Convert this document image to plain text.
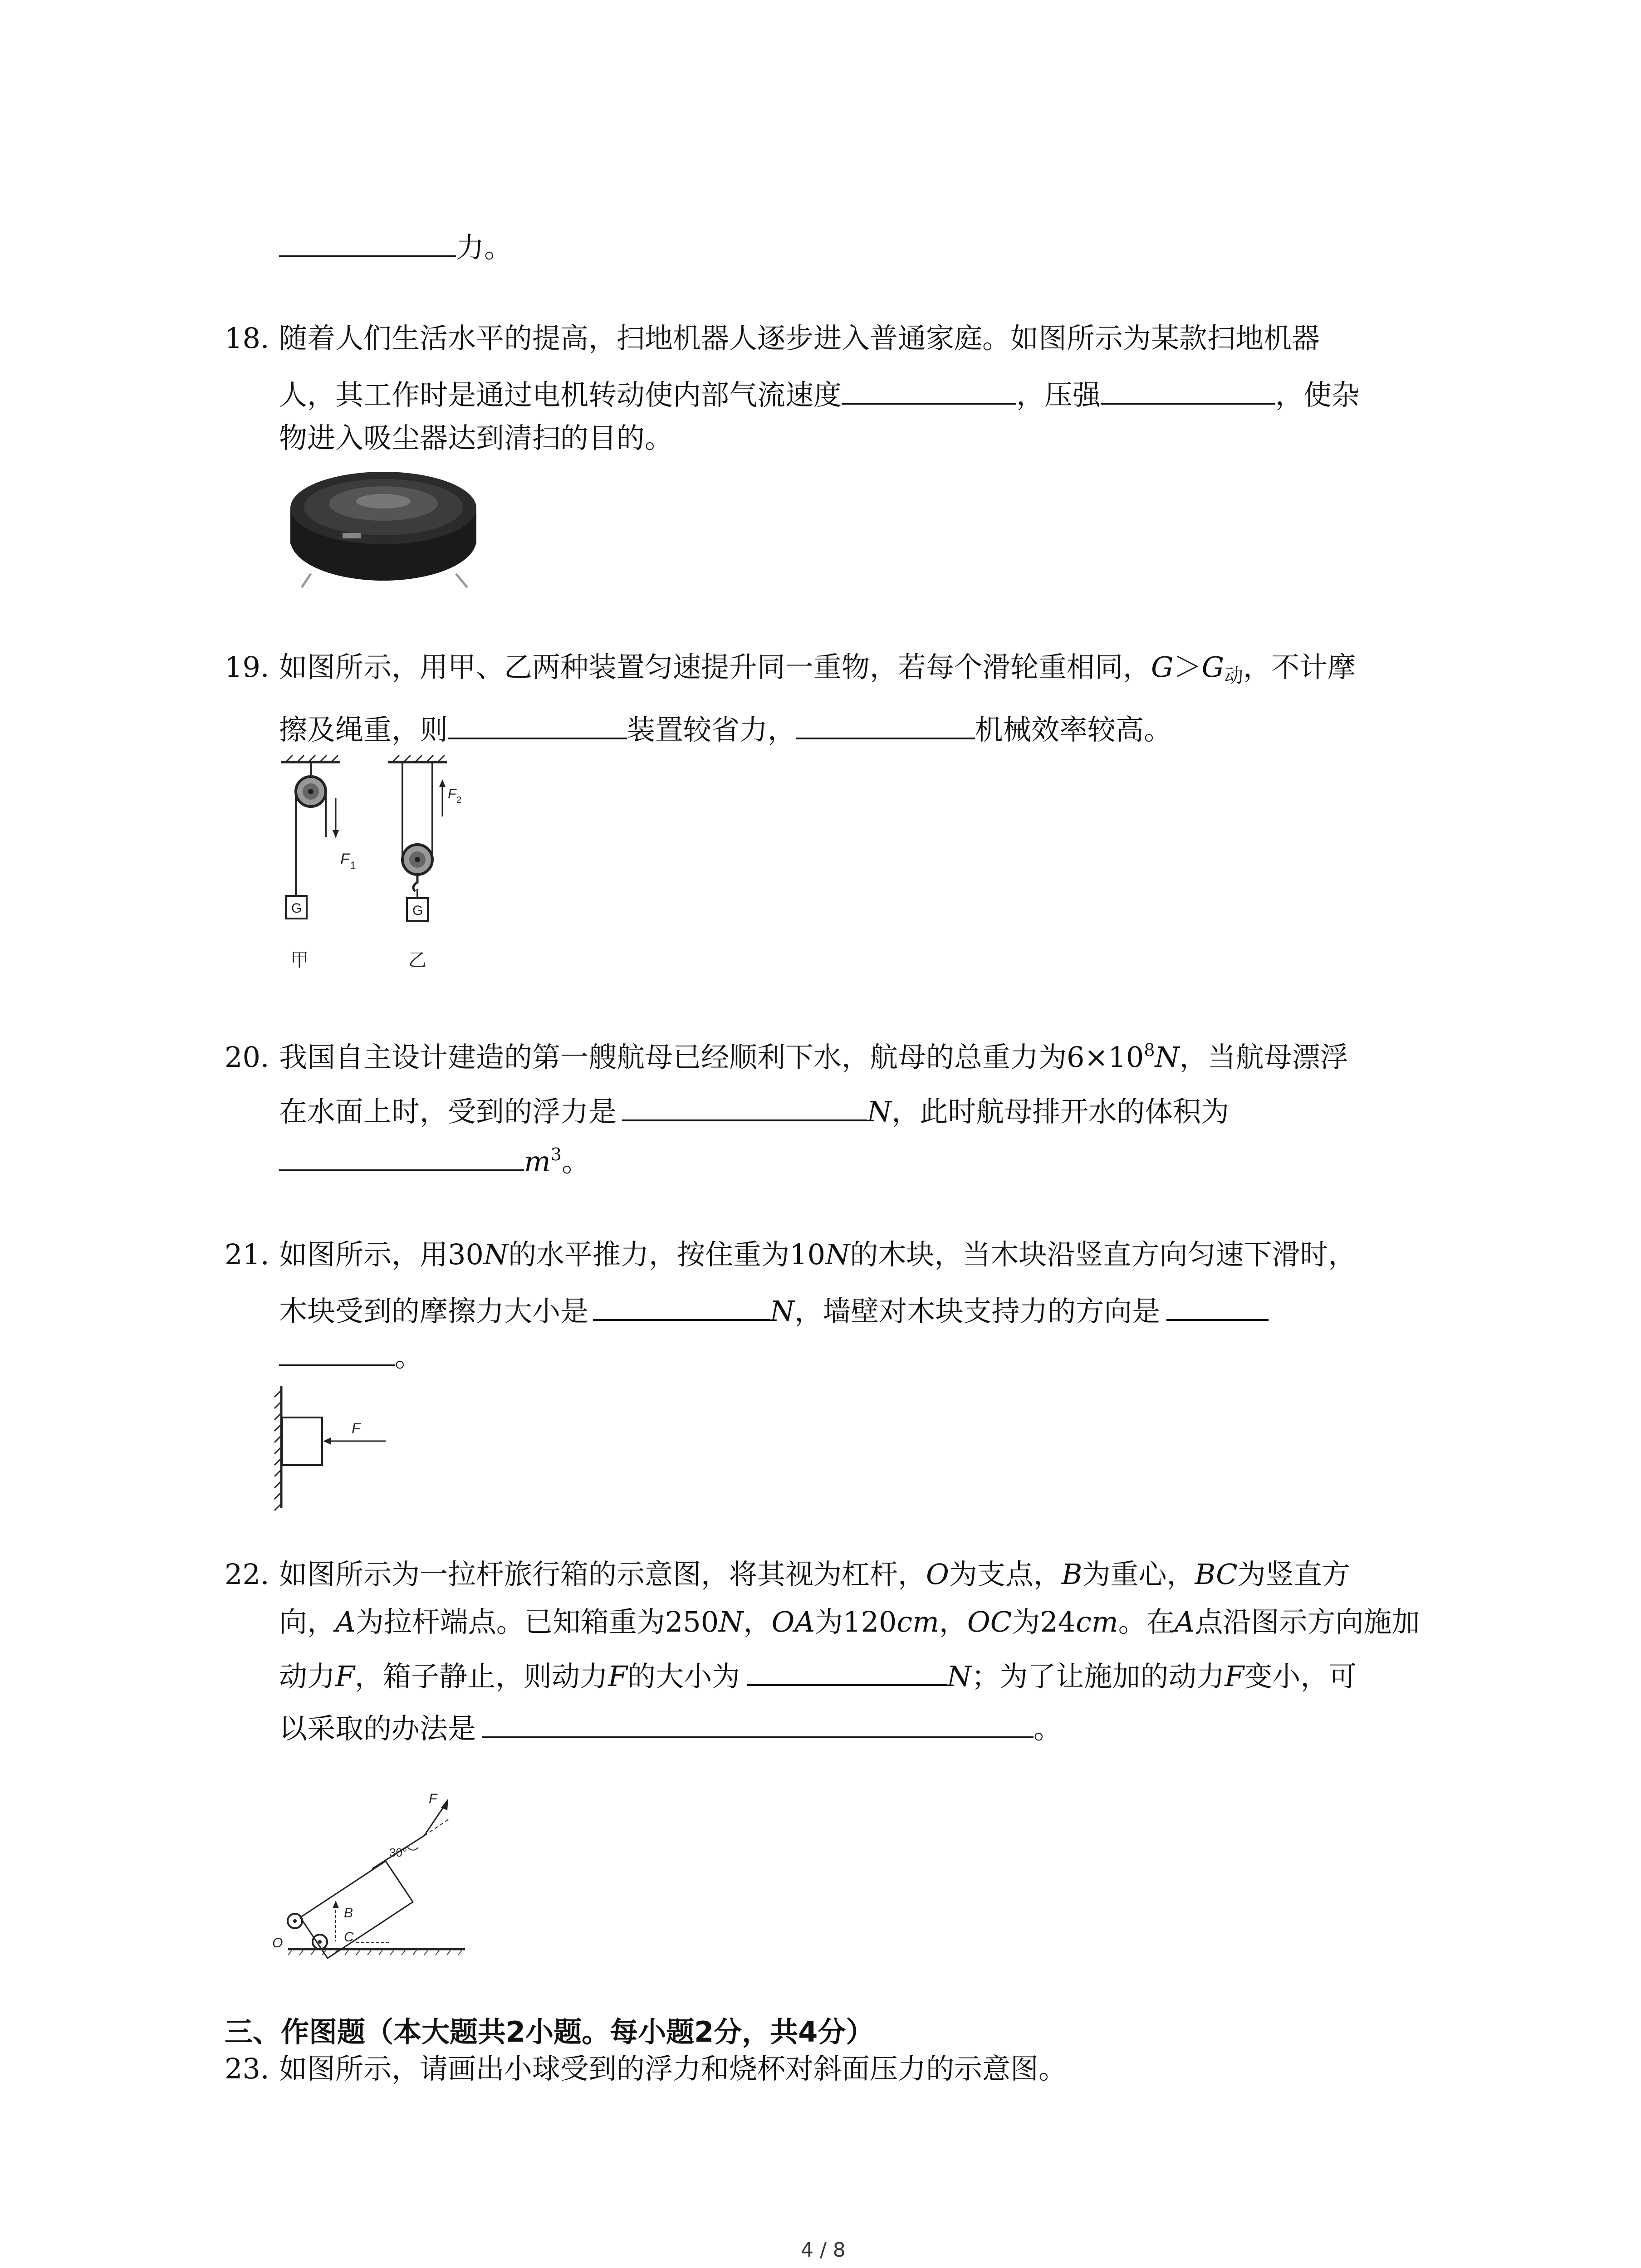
力。
18. 随着人们生活水平的提高，扫地机器人逐步进入普通家庭。如图所示为某款扫地机器
人，其工作时是通过电机转动使内部气流速度	，压强	，使杂
物进入吸尘器达到清扫的目的。
19. 如图所示，用甲、乙两种装置匀速提升同一重物，若每个滑轮重相同，$G>G_动$，不计摩
擦及绳重，则	装置较省力，	机械效率较高。
F 1
G
甲
F 2
G
乙
20. 我国自主设计建造的第一艘航母已经顺利下水，航母的总重力为$6\times 10^8N$，当航母漂浮
在水面上时，受到的浮力是	N，此时航母排开水的体积为
$m^3$。
21. 如图所示，用30N的水平推力，按住重为10N的木块，当木块沿竖直方向匀速下滑时，
木块受到的摩擦力大小是	N，墙壁对木块支持力的方向是
。
F
22. 如图所示为一拉杆旅行箱的示意图，将其视为杠杆，O为支点，B为重心，BC为竖直方
向，A为拉杆端点。已知箱重为250N，OA为120cm，OC为24cm。在A点沿图示方向施加
动力F，箱子静止，则动力F的大小为	N；为了让施加的动力F变小，可
以采取的办法是	。
F
30°
B
C
O
三、作图题（本大题共2小题。每小题2分，共4分）
23. 如图所示，请画出小球受到的浮力和烧杯对斜面压力的示意图。
4 / 8
